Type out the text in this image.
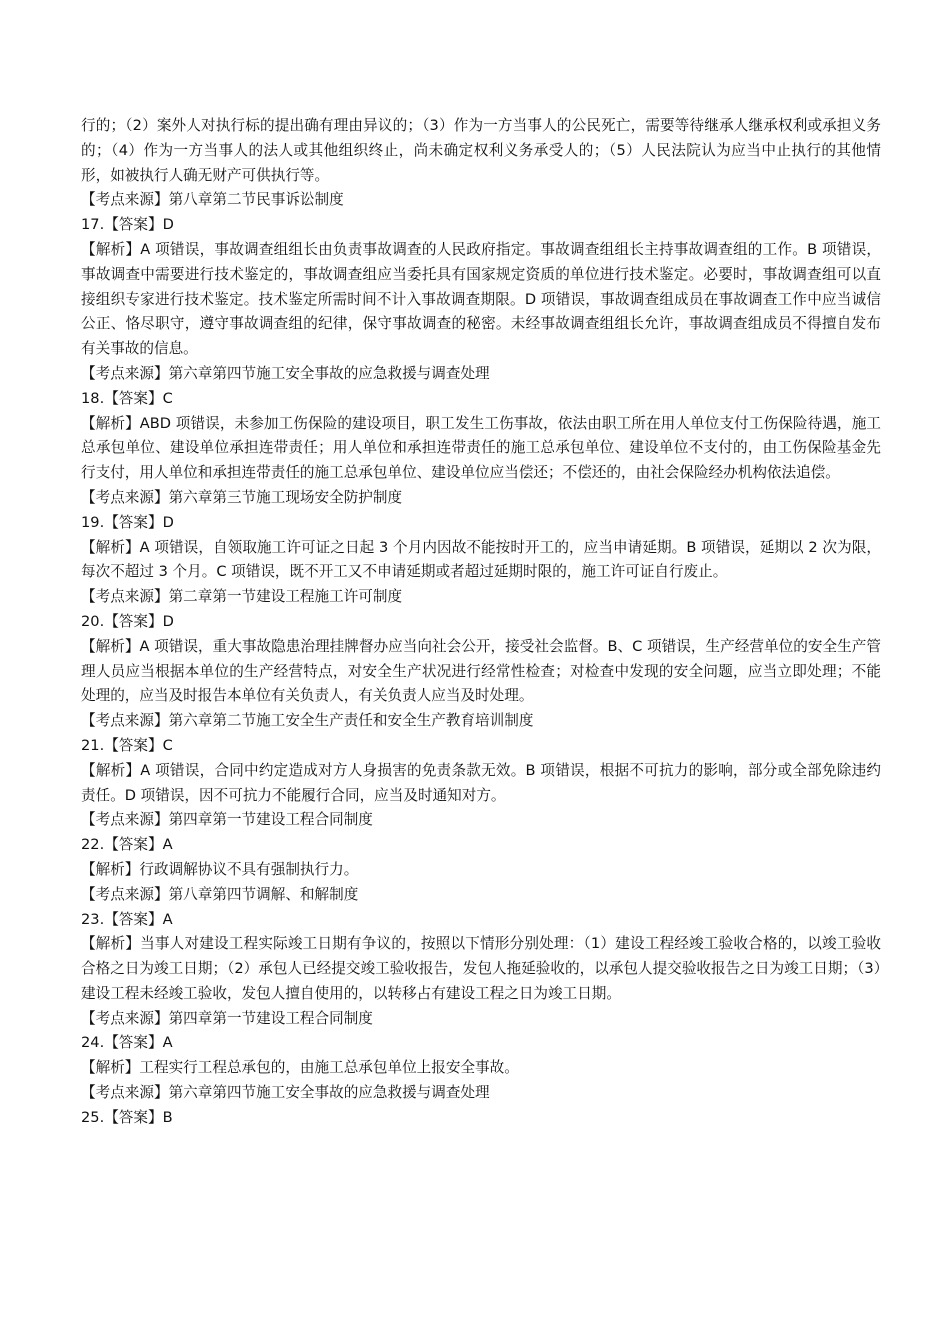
行的；（2）案外人对执行标的提出确有理由异议的；（3）作为一方当事人的公民死亡，需要等待继承人继承权利或承担义务的；（4）作为一方当事人的法人或其他组织终止，尚未确定权利义务承受人的；（5）人民法院认为应当中止执行的其他情形，如被执行人确无财产可供执行等。

【考点来源】第八章第二节民事诉讼制度

17.【答案】D

【解析】A 项错误，事故调查组组长由负责事故调查的人民政府指定。事故调查组组长主持事故调查组的工作。B 项错误，事故调查中需要进行技术鉴定的，事故调查组应当委托具有国家规定资质的单位进行技术鉴定。必要时，事故调查组可以直接组织专家进行技术鉴定。技术鉴定所需时间不计入事故调查期限。D 项错误，事故调查组成员在事故调查工作中应当诚信公正、恪尽职守，遵守事故调查组的纪律，保守事故调查的秘密。未经事故调查组组长允许，事故调查组成员不得擅自发布有关事故的信息。

【考点来源】第六章第四节施工安全事故的应急救援与调查处理

18.【答案】C

【解析】ABD 项错误，未参加工伤保险的建设项目，职工发生工伤事故，依法由职工所在用人单位支付工伤保险待遇，施工总承包单位、建设单位承担连带责任；用人单位和承担连带责任的施工总承包单位、建设单位不支付的，由工伤保险基金先行支付，用人单位和承担连带责任的施工总承包单位、建设单位应当偿还；不偿还的，由社会保险经办机构依法追偿。

【考点来源】第六章第三节施工现场安全防护制度

19.【答案】D

【解析】A 项错误，自领取施工许可证之日起 3 个月内因故不能按时开工的，应当申请延期。B 项错误，延期以 2 次为限，每次不超过 3 个月。C 项错误，既不开工又不申请延期或者超过延期时限的，施工许可证自行废止。

【考点来源】第二章第一节建设工程施工许可制度

20.【答案】D

【解析】A 项错误，重大事故隐患治理挂牌督办应当向社会公开，接受社会监督。B、C 项错误，生产经营单位的安全生产管理人员应当根据本单位的生产经营特点，对安全生产状况进行经常性检查；对检查中发现的安全问题，应当立即处理；不能处理的，应当及时报告本单位有关负责人，有关负责人应当及时处理。

【考点来源】第六章第二节施工安全生产责任和安全生产教育培训制度

21.【答案】C

【解析】A 项错误，合同中约定造成对方人身损害的免责条款无效。B 项错误，根据不可抗力的影响，部分或全部免除违约责任。D 项错误，因不可抗力不能履行合同，应当及时通知对方。

【考点来源】第四章第一节建设工程合同制度

22.【答案】A

【解析】行政调解协议不具有强制执行力。

【考点来源】第八章第四节调解、和解制度

23.【答案】A

【解析】当事人对建设工程实际竣工日期有争议的，按照以下情形分别处理：（1）建设工程经竣工验收合格的，以竣工验收合格之日为竣工日期；（2）承包人已经提交竣工验收报告，发包人拖延验收的，以承包人提交验收报告之日为竣工日期；（3）建设工程未经竣工验收，发包人擅自使用的，以转移占有建设工程之日为竣工日期。

【考点来源】第四章第一节建设工程合同制度

24.【答案】A

【解析】工程实行工程总承包的，由施工总承包单位上报安全事故。

【考点来源】第六章第四节施工安全事故的应急救援与调查处理

25.【答案】B
